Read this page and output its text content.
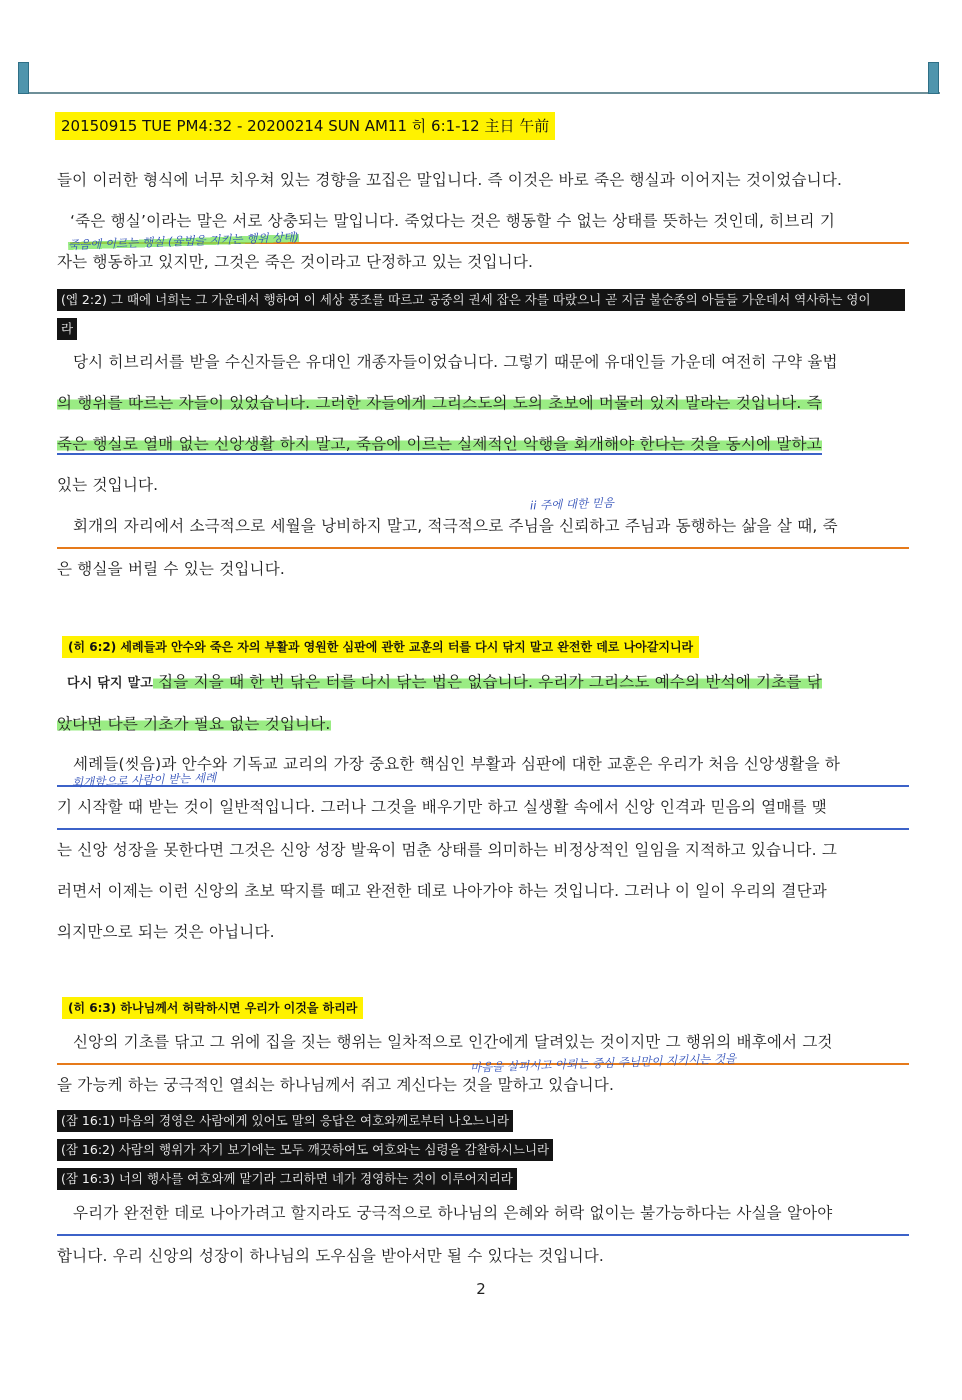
20150915 TUE PM4:32 - 20200214 SUN AM11 히 6:1-12 主日 午前
들이 이러한 형식에 너무 치우쳐 있는 경향을 꼬집은 말입니다. 즉 이것은 바로 죽은 행실과 이어지는 것이었습니다.
‘죽은 행실’이라는 말은 서로 상충되는 말입니다. 죽었다는 것은 행동할 수 없는 상태를 뜻하는 것인데, 히브리 기
죽음에 이르는 행실 (율법을 지키는 행위 상태)
자는 행동하고 있지만, 그것은 죽은 것이라고 단정하고 있는 것입니다.
(엡 2:2) 그 때에 너희는 그 가운데서 행하여 이 세상 풍조를 따르고 공중의 권세 잡은 자를 따랐으니 곧 지금 불순종의 아들들 가운데서 역사하는 영이
라
당시 히브리서를 받을 수신자들은 유대인 개종자들이었습니다. 그렇기 때문에 유대인들 가운데 여전히 구약 율법
의 행위를 따르는 자들이 있었습니다. 그러한 자들에게 그리스도의 도의 초보에 머물러 있지 말라는 것입니다. 즉
죽은 행실로 열매 없는 신앙생활 하지 말고, 죽음에 이르는 실제적인 악행을 회개해야 한다는 것을 동시에 말하고
있는 것입니다.
ii 주에 대한 믿음
회개의 자리에서 소극적으로 세월을 낭비하지 말고, 적극적으로 주님을 신뢰하고 주님과 동행하는 삶을 살 때, 죽
은 행실을 버릴 수 있는 것입니다.
(히 6:2) 세례들과 안수와 죽은 자의 부활과 영원한 심판에 관한 교훈의 터를 다시 닦지 말고 완전한 데로 나아갈지니라
다시 닦지 말고 집을 지을 때 한 번 닦은 터를 다시 닦는 법은 없습니다. 우리가 그리스도 예수의 반석에 기초를 닦
았다면 다른 기초가 필요 없는 것입니다.
세례들(씻음)과 안수와 기독교 교리의 가장 중요한 핵심인 부활과 심판에 대한 교훈은 우리가 처음 신앙생활을 하
기 시작할 때 받는 것이 일반적입니다. 그러나 그것을 배우기만 하고 실생활 속에서 신앙 인격과 믿음의 열매를 맺
는 신앙 성장을 못한다면 그것은 신앙 성장 발육이 멈춘 상태를 의미하는 비정상적인 일임을 지적하고 있습니다. 그
러면서 이제는 이런 신앙의 초보 딱지를 떼고 완전한 데로 나아가야 하는 것입니다. 그러나 이 일이 우리의 결단과
의지만으로 되는 것은 아닙니다.
회개함으로 사람이 받는 세례
(히 6:3) 하나님께서 허락하시면 우리가 이것을 하리라
신앙의 기초를 닦고 그 위에 집을 짓는 행위는 일차적으로 인간에게 달려있는 것이지만 그 행위의 배후에서 그것
을 가능케 하는 궁극적인 열쇠는 하나님께서 쥐고 계신다는 것을 말하고 있습니다.
마음을 살피시고 아뢰는 중심 주님만이 지키시는 것을
(잠 16:1) 마음의 경영은 사람에게 있어도 말의 응답은 여호와께로부터 나오느니라
(잠 16:2) 사람의 행위가 자기 보기에는 모두 깨끗하여도 여호와는 심령을 감찰하시느니라
(잠 16:3) 너의 행사를 여호와께 맡기라 그리하면 네가 경영하는 것이 이루어지리라
우리가 완전한 데로 나아가려고 할지라도 궁극적으로 하나님의 은혜와 허락 없이는 불가능하다는 사실을 알아야
합니다. 우리 신앙의 성장이 하나님의 도우심을 받아서만 될 수 있다는 것입니다.
2
